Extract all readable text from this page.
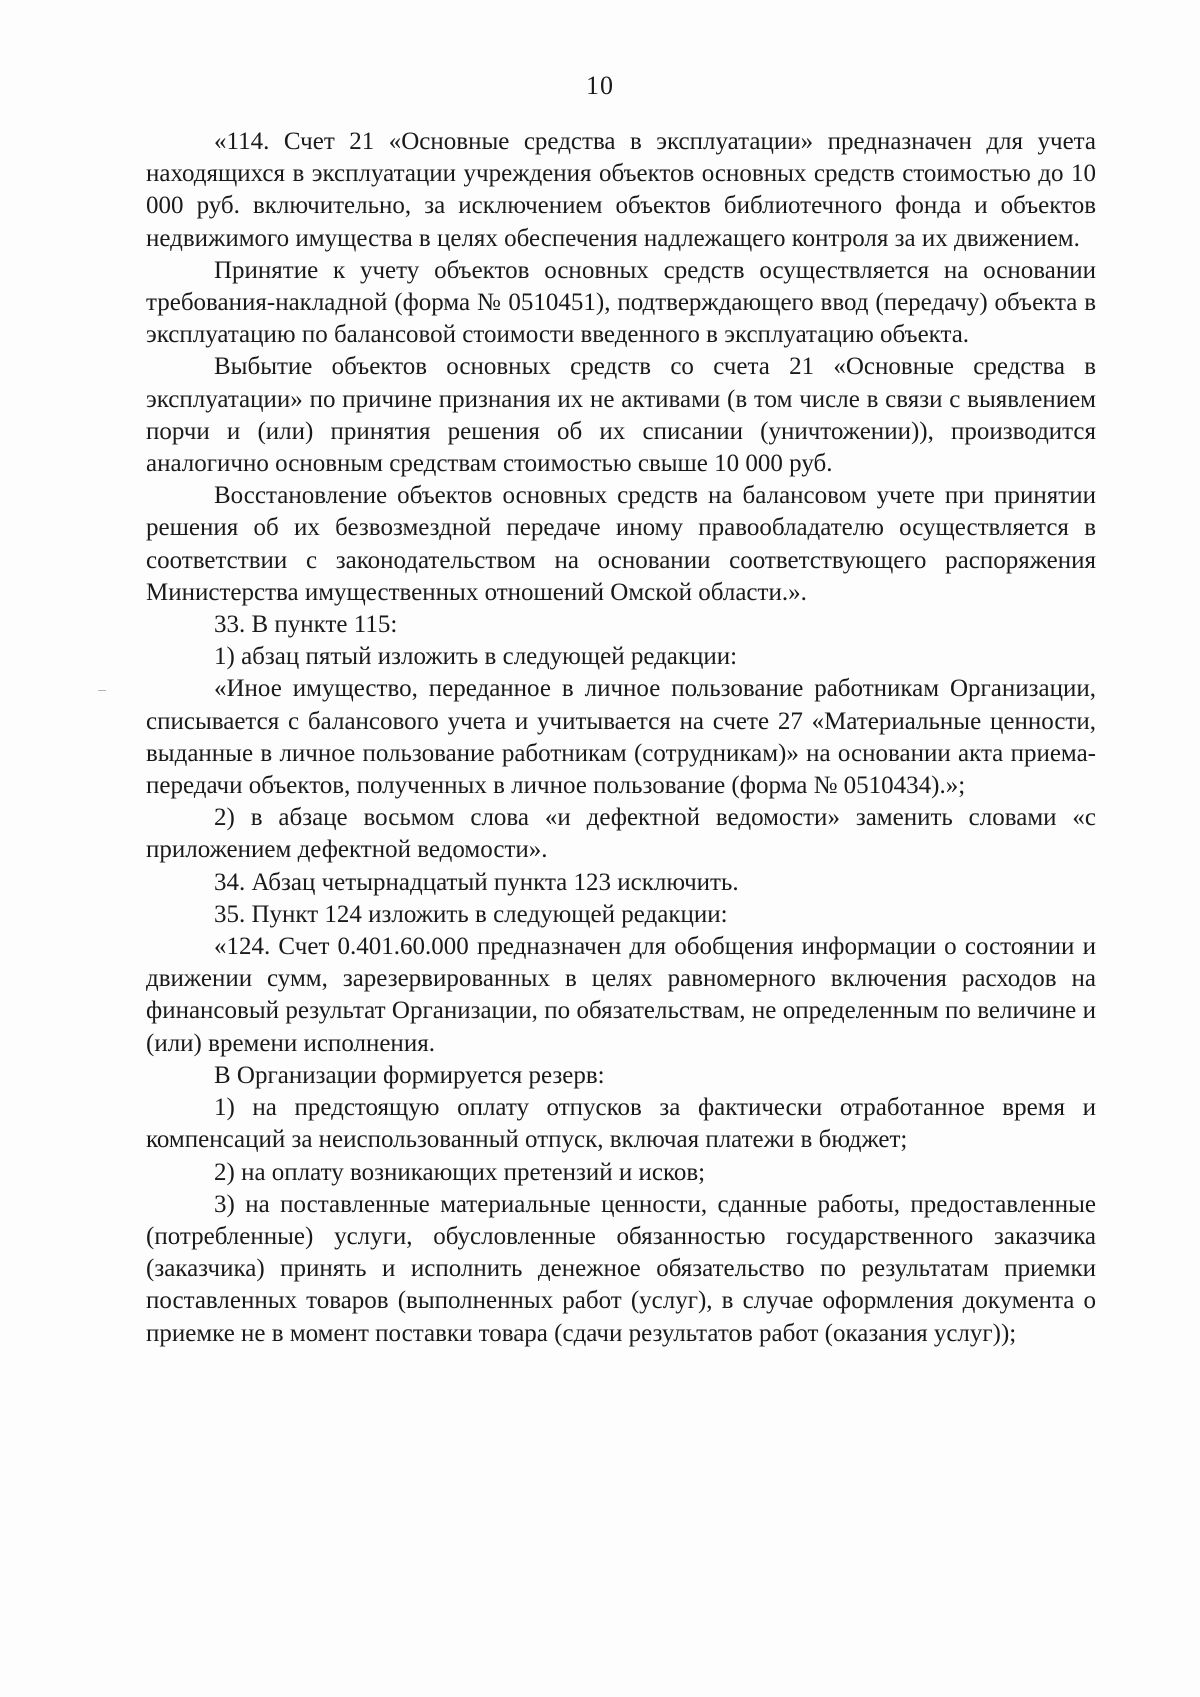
10

«114. Счет 21 «Основные средства в эксплуатации» предназначен для учета находящихся в эксплуатации учреждения объектов основных средств стоимостью до 10 000 руб. включительно, за исключением объектов библиотечного фонда и объектов недвижимого имущества в целях обеспечения надлежащего контроля за их движением.

Принятие к учету объектов основных средств осуществляется на основании требования-накладной (форма № 0510451), подтверждающего ввод (передачу) объекта в эксплуатацию по балансовой стоимости введенного в эксплуатацию объекта.

Выбытие объектов основных средств со счета 21 «Основные средства в эксплуатации» по причине признания их не активами (в том числе в связи с выявлением порчи и (или) принятия решения об их списании (уничтожении)), производится аналогично основным средствам стоимостью свыше 10 000 руб.

Восстановление объектов основных средств на балансовом учете при принятии решения об их безвозмездной передаче иному правообладателю осуществляется в соответствии с законодательством на основании соответствующего распоряжения Министерства имущественных отношений Омской области.».

33. В пункте 115:

1) абзац пятый изложить в следующей редакции:

«Иное имущество, переданное в личное пользование работникам Организации, списывается с балансового учета и учитывается на счете 27 «Материальные ценности, выданные в личное пользование работникам (сотрудникам)» на основании акта приема-передачи объектов, полученных в личное пользование (форма № 0510434).»;

2) в абзаце восьмом слова «и дефектной ведомости» заменить словами «с приложением дефектной ведомости».

34. Абзац четырнадцатый пункта 123 исключить.

35. Пункт 124 изложить в следующей редакции:

«124. Счет 0.401.60.000 предназначен для обобщения информации о состоянии и движении сумм, зарезервированных в целях равномерного включения расходов на финансовый результат Организации, по обязательствам, не определенным по величине и (или) времени исполнения.

В Организации формируется резерв:

1) на предстоящую оплату отпусков за фактически отработанное время и компенсаций за неиспользованный отпуск, включая платежи в бюджет;

2) на оплату возникающих претензий и исков;

3) на поставленные материальные ценности, сданные работы, предоставленные (потребленные) услуги, обусловленные обязанностью государственного заказчика (заказчика) принять и исполнить денежное обязательство по результатам приемки поставленных товаров (выполненных работ (услуг), в случае оформления документа о приемке не в момент поставки товара (сдачи результатов работ (оказания услуг));
